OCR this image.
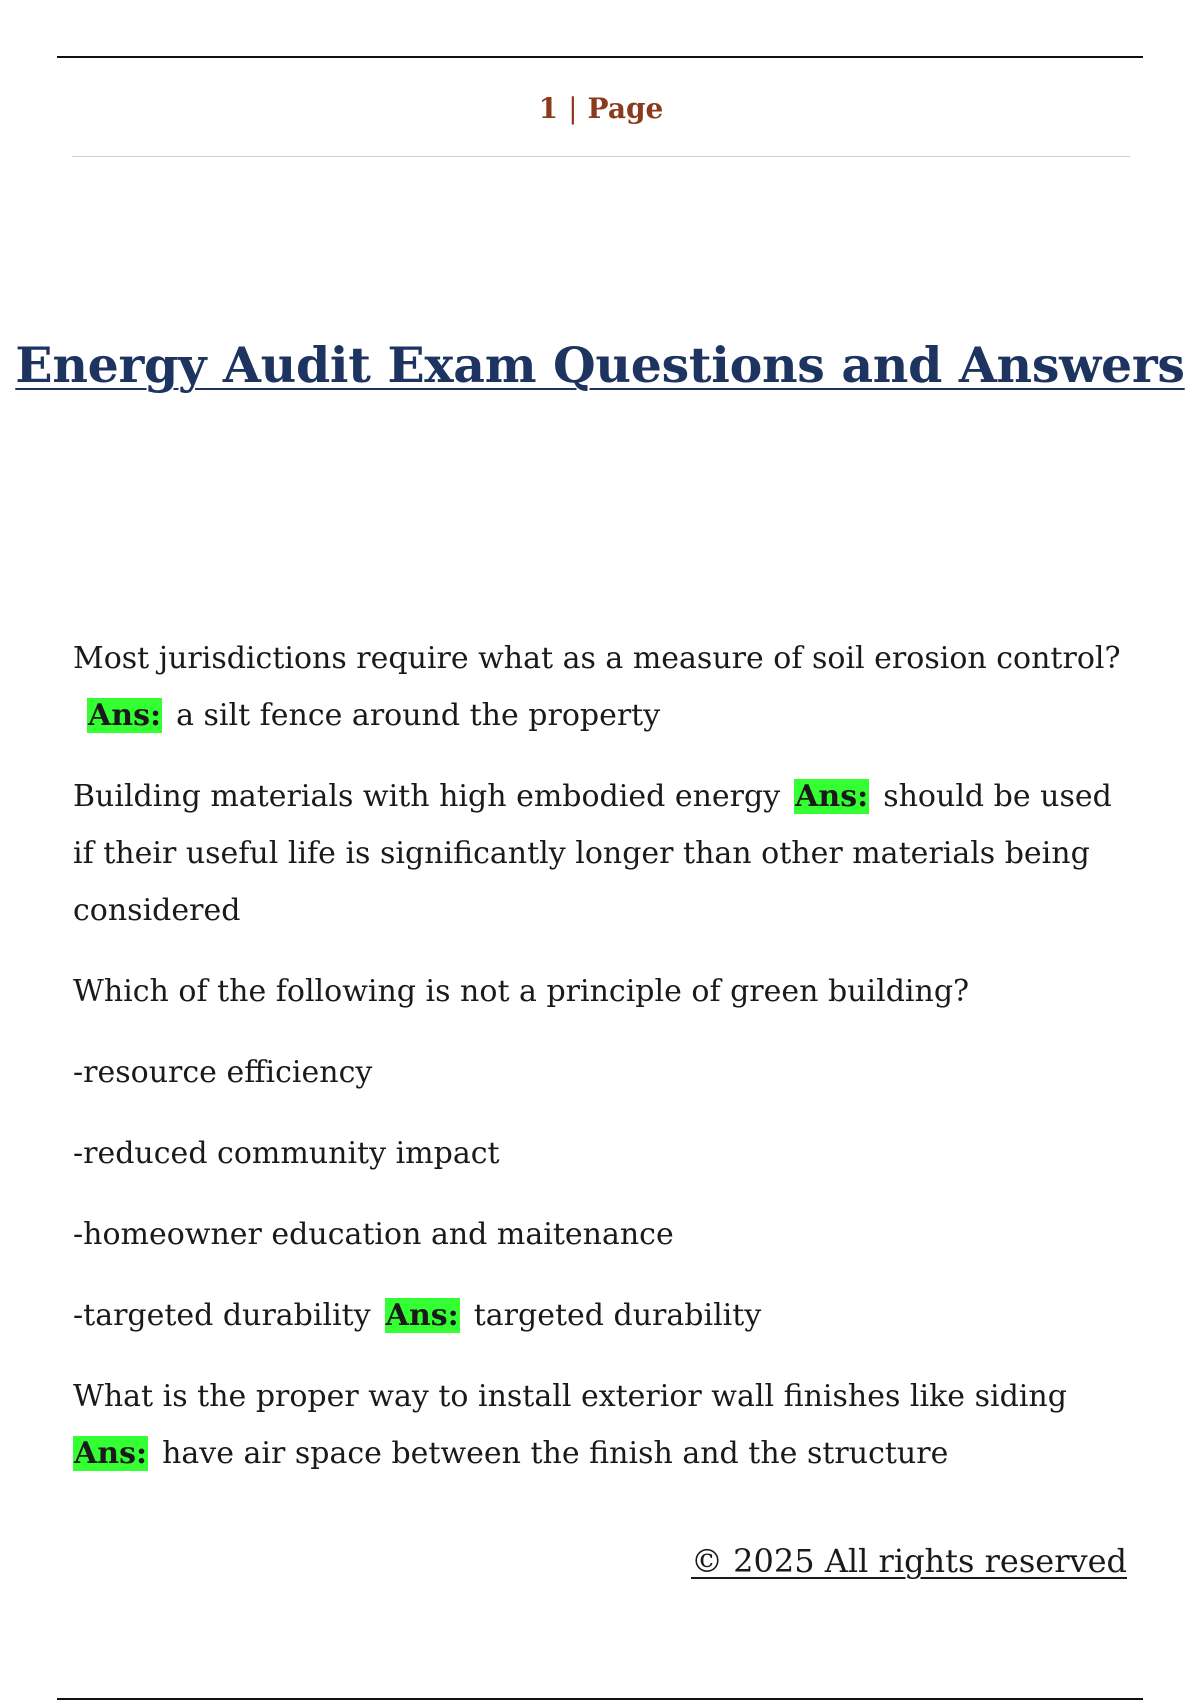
1 | Page
Energy Audit Exam Questions and Answers

Most jurisdictions require what as a measure of soil erosion control?Ans: a silt fence around the property

Building materials with high embodied energy Ans: should be used if their useful life is significantly longer than other materials being considered

Which of the following is not a principle of green building?

-resource efficiency

-reduced community impact

-homeowner education and maitenance

-targeted durability Ans: targeted durability

What is the proper way to install exterior wall finishes like siding
Ans: have air space between the finish and the structure

© 2025 All rights reserved
